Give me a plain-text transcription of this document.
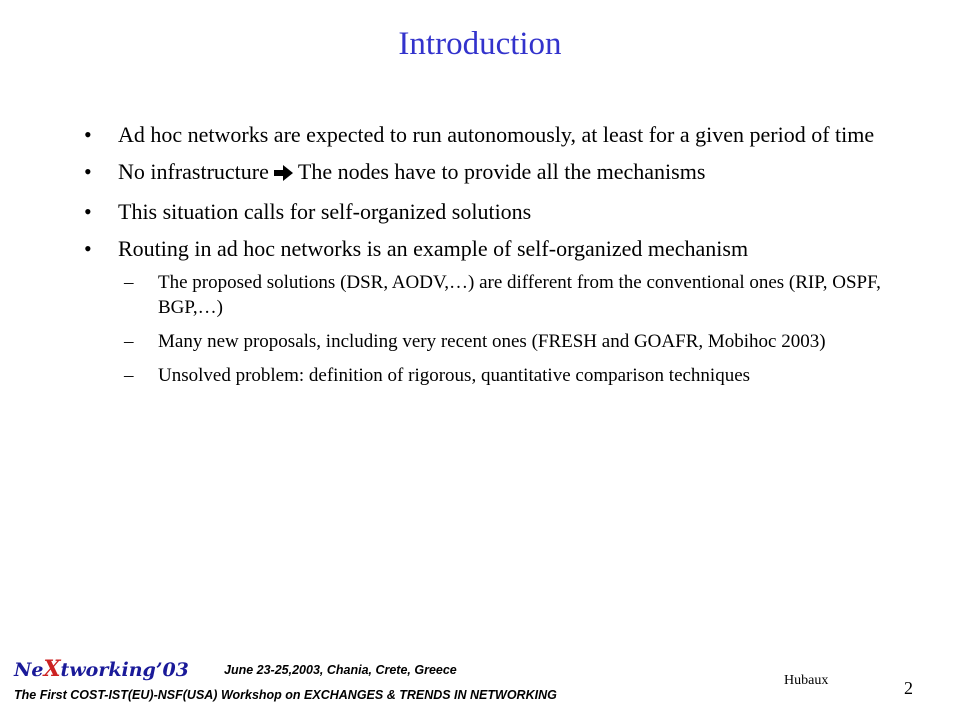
Introduction
• Ad hoc networks are expected to run autonomously, at least for a given period of time
• No infrastructure The nodes have to provide all the mechanisms
• This situation calls for self-organized solutions
• Routing in ad hoc networks is an example of self-organized mechanism
– The proposed solutions (DSR, AODV,…) are different from the conventional ones (RIP, OSPF, BGP,…)
– Many new proposals, including very recent ones (FRESH and GOAFR, Mobihoc 2003)
– Unsolved problem: definition of rigorous, quantitative comparison techniques
NeXtworking’03	June 23-25,2003, Chania, Crete, Greece
The First COST-IST(EU)-NSF(USA) Workshop on EXCHANGES & TRENDS IN NETWORKING
Hubaux	2
